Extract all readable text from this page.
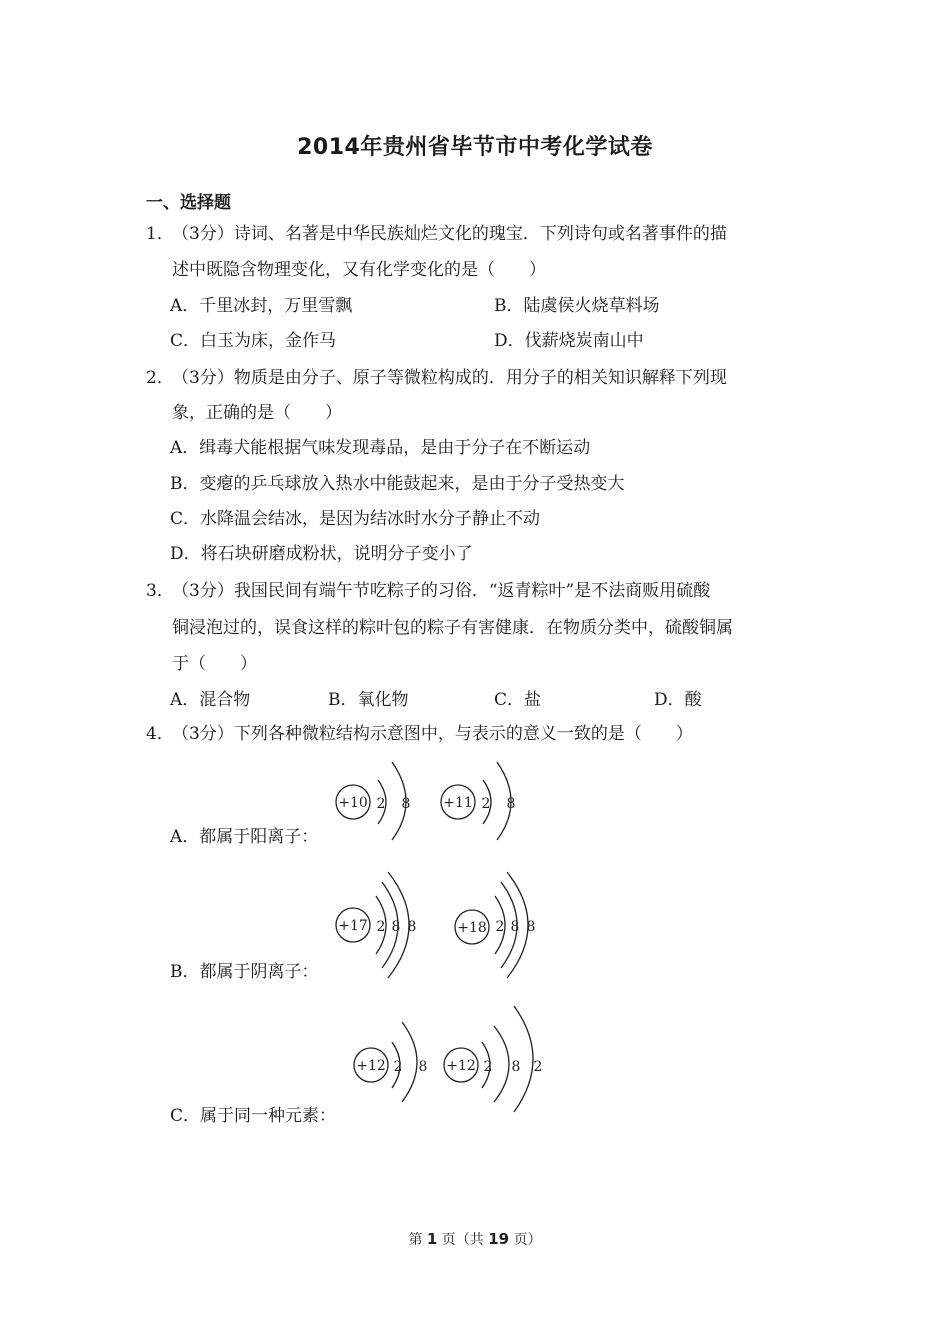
2014年贵州省毕节市中考化学试卷
一、选择题
1．
（3分）诗词、名著是中华民族灿烂文化的瑰宝．下列诗句或名著事件的描
述中既隐含物理变化，又有化学变化的是（　　）
A．千里冰封，万里雪飘	B．陆虞侯火烧草料场
C．白玉为床，金作马	D．伐薪烧炭南山中
2．
（3分）物质是由分子、原子等微粒构成的．用分子的相关知识解释下列现
象，正确的是（　　）
A．缉毒犬能根据气味发现毒品，是由于分子在不断运动
B．变瘪的乒乓球放入热水中能鼓起来，是由于分子受热变大
C．水降温会结冰，是因为结冰时水分子静止不动
D．将石块研磨成粉状，说明分子变小了
3．
（3分）我国民间有端午节吃粽子的习俗．“返青粽叶”是不法商贩用硫酸
铜浸泡过的，误食这样的粽叶包的粽子有害健康．在物质分类中，硫酸铜属
于（　　）
A．混合物	B．氧化物	C．盐	D．酸
4．
（3分）下列各种微粒结构示意图中，与表示的意义一致的是（　　）
+10 2 8 +11 2 8
A．都属于阳离子：
+17 2 8 8	+18 2 8 8
B．都属于阴离子：
+12 2 8 +12 2 8 2
C．属于同一种元素：
第 1 页（共 19 页）
